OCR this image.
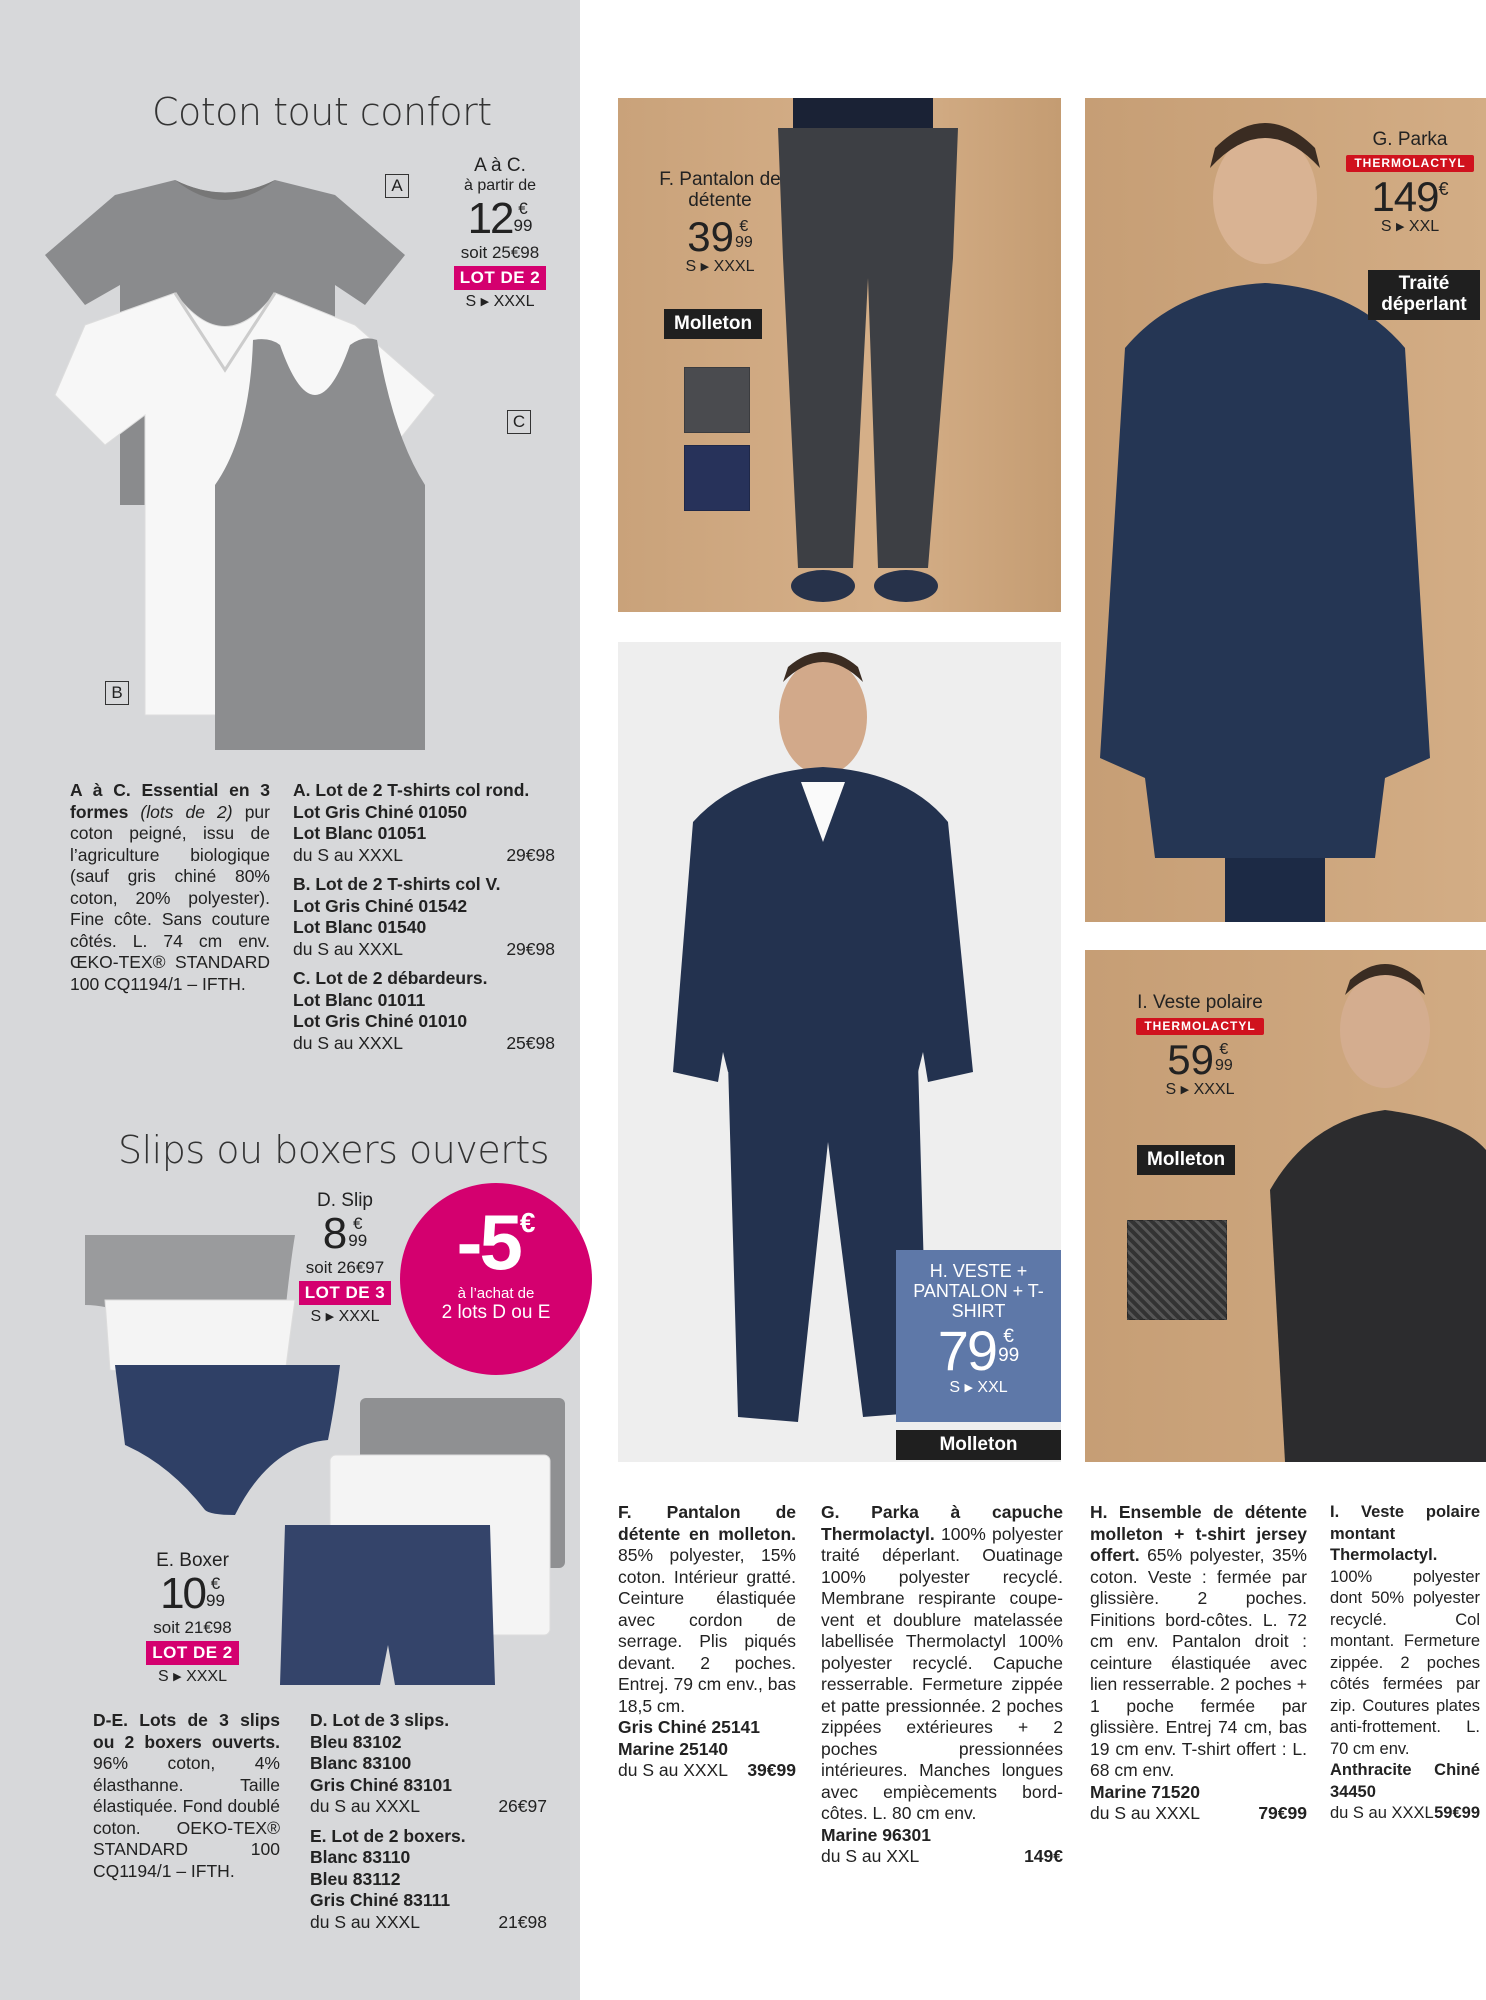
Coton tout confort
A
C
B
A à C.
à partir de
12 €
99
soit 25€98
LOT DE 2
S ▶ XXXL
A à C. Essential en 3 formes (lots de 2) pur coton peigné, issu de l’agriculture biologique (sauf gris chiné 80% coton, 20% polyester). Fine côte. Sans couture côtés. L. 74 cm env. ŒKO-TEX® STANDARD 100 CQ1194/1 – IFTH.
A. Lot de 2 T-shirts col rond.
Lot Gris Chiné 01050
Lot Blanc 01051
du S au XXXL	29€98
B. Lot de 2 T-shirts col V.
Lot Gris Chiné 01542
Lot Blanc 01540
du S au XXXL	29€98
C. Lot de 2 débardeurs.
Lot Blanc 01011
Lot Gris Chiné 01010
du S au XXXL	25€98
Slips ou boxers ouverts
D. Slip
8 €
99
soit 26€97
LOT DE 3
S ▶ XXXL
-5 €
à l’achat de
2 lots D ou E
E. Boxer
10 €
99
soit 21€98
LOT DE 2
S ▶ XXXL
D-E. Lots de 3 slips ou 2 boxers ouverts. 96% coton, 4% élasthanne. Taille élastiquée. Fond doublé coton. OEKO-TEX® STANDARD 100 CQ1194/1 – IFTH.
D. Lot de 3 slips.
Bleu 83102
Blanc 83100
Gris Chiné 83101
du S au XXXL	26€97
E. Lot de 2 boxers.
Blanc 83110
Bleu 83112
Gris Chiné 83111
du S au XXXL	21€98
F. Pantalon de détente
39 €
99
S ▶ XXXL
Molleton
G. Parka
THERMOLACTYL
149 €
S ▶ XXL
Traité déperlant
H. VESTE + PANTALON + T-SHIRT
79 €
99
S ▶ XXL
Molleton
I. Veste polaire
THERMOLACTYL
59 €
99
S ▶ XXXL
Molleton
F. Pantalon de détente en molleton. 85% polyester, 15% coton. Intérieur gratté. Ceinture élastiquée avec cordon de serrage. Plis piqués devant. 2 poches. Entrej. 79 cm env., bas 18,5 cm.
Gris Chiné 25141
Marine 25140
du S au XXXL 39€99
G. Parka à capuche Thermolactyl. 100% polyester traité déperlant. Ouatinage 100% polyester recyclé. Membrane respirante coupe-vent et doublure matelassée labellisée Thermolactyl 100% polyester recyclé. Capuche resserrable. Fermeture zippée et patte pressionnée. 2 poches zippées extérieures + 2 poches pressionnées intérieures. Manches longues avec empiècements bord-côtes. L. 80 cm env.
Marine 96301
du S au XXL	149€
H. Ensemble de détente molleton + t-shirt jersey offert. 65% polyester, 35% coton. Veste : fermée par glissière. 2 poches. Finitions bord-côtes. L. 72 cm env. Pantalon droit : ceinture élastiquée avec lien resserrable. 2 poches + 1 poche fermée par glissière. Entrej 74 cm, bas 19 cm env. T-shirt offert : L. 68 cm env.
Marine 71520
du S au XXXL	79€99
I. Veste polaire montant Thermolactyl. 100% polyester dont 50% polyester recyclé. Col montant. Fermeture zippée. 2 poches côtés fermées par zip. Coutures plates anti-frottement. L. 70 cm env.
Anthracite Chiné 34450
du S au XXXL 59€99
